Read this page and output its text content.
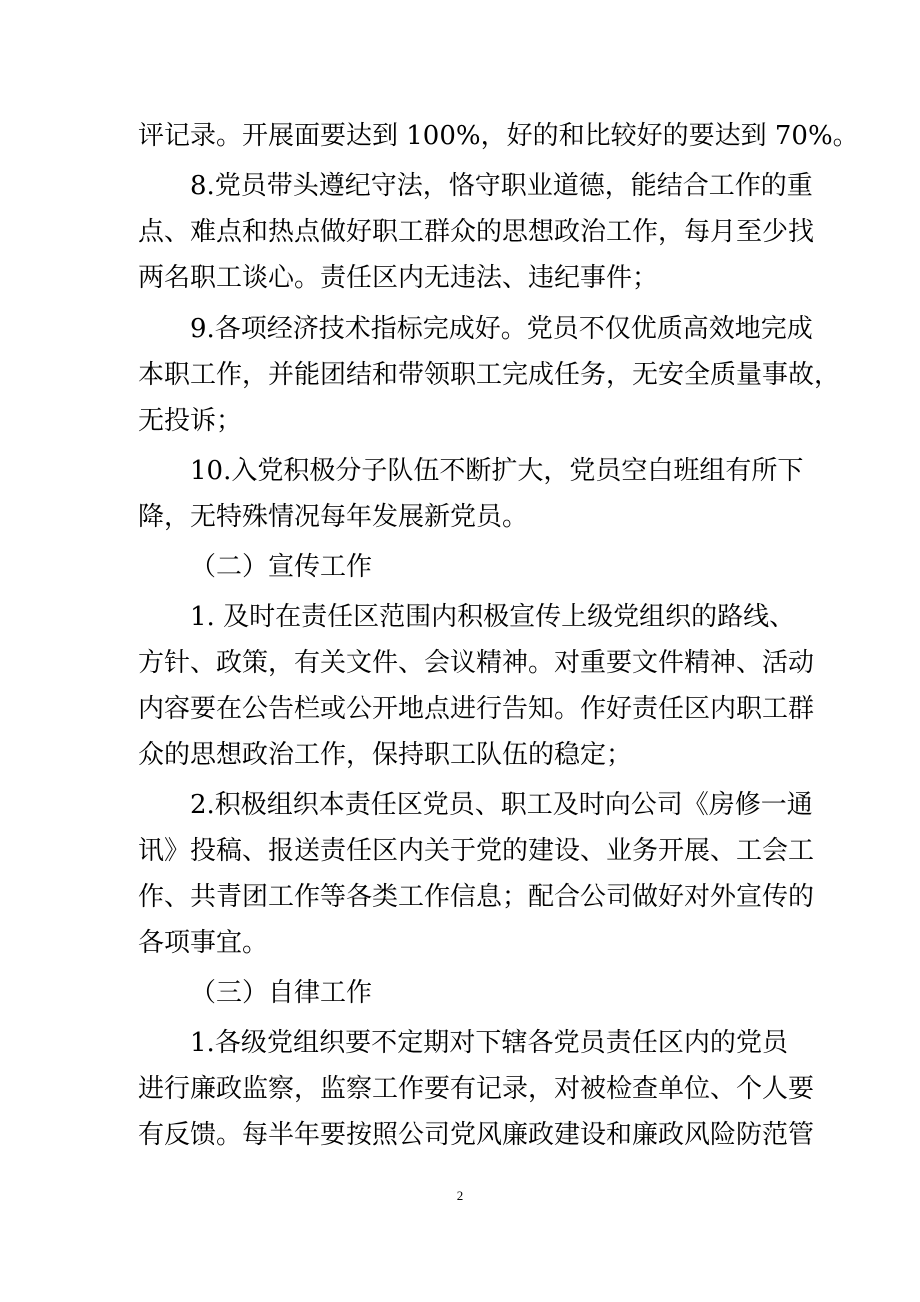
评记录。开展面要达到 100%，好的和比较好的要达到 70%。
8.党员带头遵纪守法，恪守职业道德，能结合工作的重
点、难点和热点做好职工群众的思想政治工作，每月至少找
两名职工谈心。责任区内无违法、违纪事件；
9.各项经济技术指标完成好。党员不仅优质高效地完成
本职工作，并能团结和带领职工完成任务，无安全质量事故，
无投诉；
10.入党积极分子队伍不断扩大，党员空白班组有所下
降，无特殊情况每年发展新党员。
（二）宣传工作
1. 及时在责任区范围内积极宣传上级党组织的路线、
方针、政策，有关文件、会议精神。对重要文件精神、活动
内容要在公告栏或公开地点进行告知。作好责任区内职工群
众的思想政治工作，保持职工队伍的稳定；
2.积极组织本责任区党员、职工及时向公司《房修一通
讯》投稿、报送责任区内关于党的建设、业务开展、工会工
作、共青团工作等各类工作信息；配合公司做好对外宣传的
各项事宜。
（三）自律工作
1.各级党组织要不定期对下辖各党员责任区内的党员
进行廉政监察，监察工作要有记录，对被检查单位、个人要
有反馈。每半年要按照公司党风廉政建设和廉政风险防范管
2
